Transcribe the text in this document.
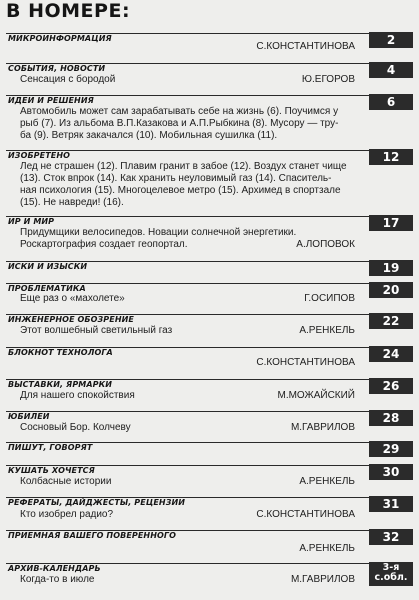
В НОМЕРЕ:
МИКРОИНФОРМАЦИЯ	2
С.КОНСТАНТИНОВА
СОБЫТИЯ, НОВОСТИ	4
Сенсация с бородой	Ю.ЕГОРОВ
ИДЕИ И РЕШЕНИЯ	6
Автомобиль может сам зарабатывать себе на жизнь (6). Поучимся у
рыб (7). Из альбома В.П.Казакова и А.П.Рыбкина (8). Мусору — тру-
ба (9). Ветряк закачался (10). Мобильная сушилка (11).
ИЗОБРЕТЕНО	12
Лед не страшен (12). Плавим гранит в забое (12). Воздух станет чище
(13). Сток впрок (14). Как хранить неуловимый газ (14). Спаситель-
ная психология (15). Многоцелевое метро (15). Архимед в спортзале
(15). Не навреди! (16).
ИР И МИР	17
Придумщики велосипедов. Новации солнечной энергетики.
Роскартография создает геопортал.	А.ЛОПОВОК
ИСКИ И ИЗЫСКИ	19
ПРОБЛЕМАТИКА	20
Еще раз о «махолете»	Г.ОСИПОВ
ИНЖЕНЕРНОЕ ОБОЗРЕНИЕ	22
Этот волшебный светильный газ	А.РЕНКЕЛЬ
БЛОКНОТ ТЕХНОЛОГА	24
С.КОНСТАНТИНОВА
ВЫСТАВКИ, ЯРМАРКИ	26
Для нашего спокойствия	М.МОЖАЙСКИЙ
ЮБИЛЕИ	28
Сосновый Бор. Колчеву	М.ГАВРИЛОВ
ПИШУТ, ГОВОРЯТ	29
КУШАТЬ ХОЧЕТСЯ	30
Колбасные истории	А.РЕНКЕЛЬ
РЕФЕРАТЫ, ДАЙДЖЕСТЫ, РЕЦЕНЗИИ	31
Кто изобрел радио?	С.КОНСТАНТИНОВА
ПРИЕМНАЯ ВАШЕГО ПОВЕРЕННОГО	32
А.РЕНКЕЛЬ
АРХИВ-КАЛЕНДАРЬ	3-я
с.обл.
Когда-то в июле	М.ГАВРИЛОВ
